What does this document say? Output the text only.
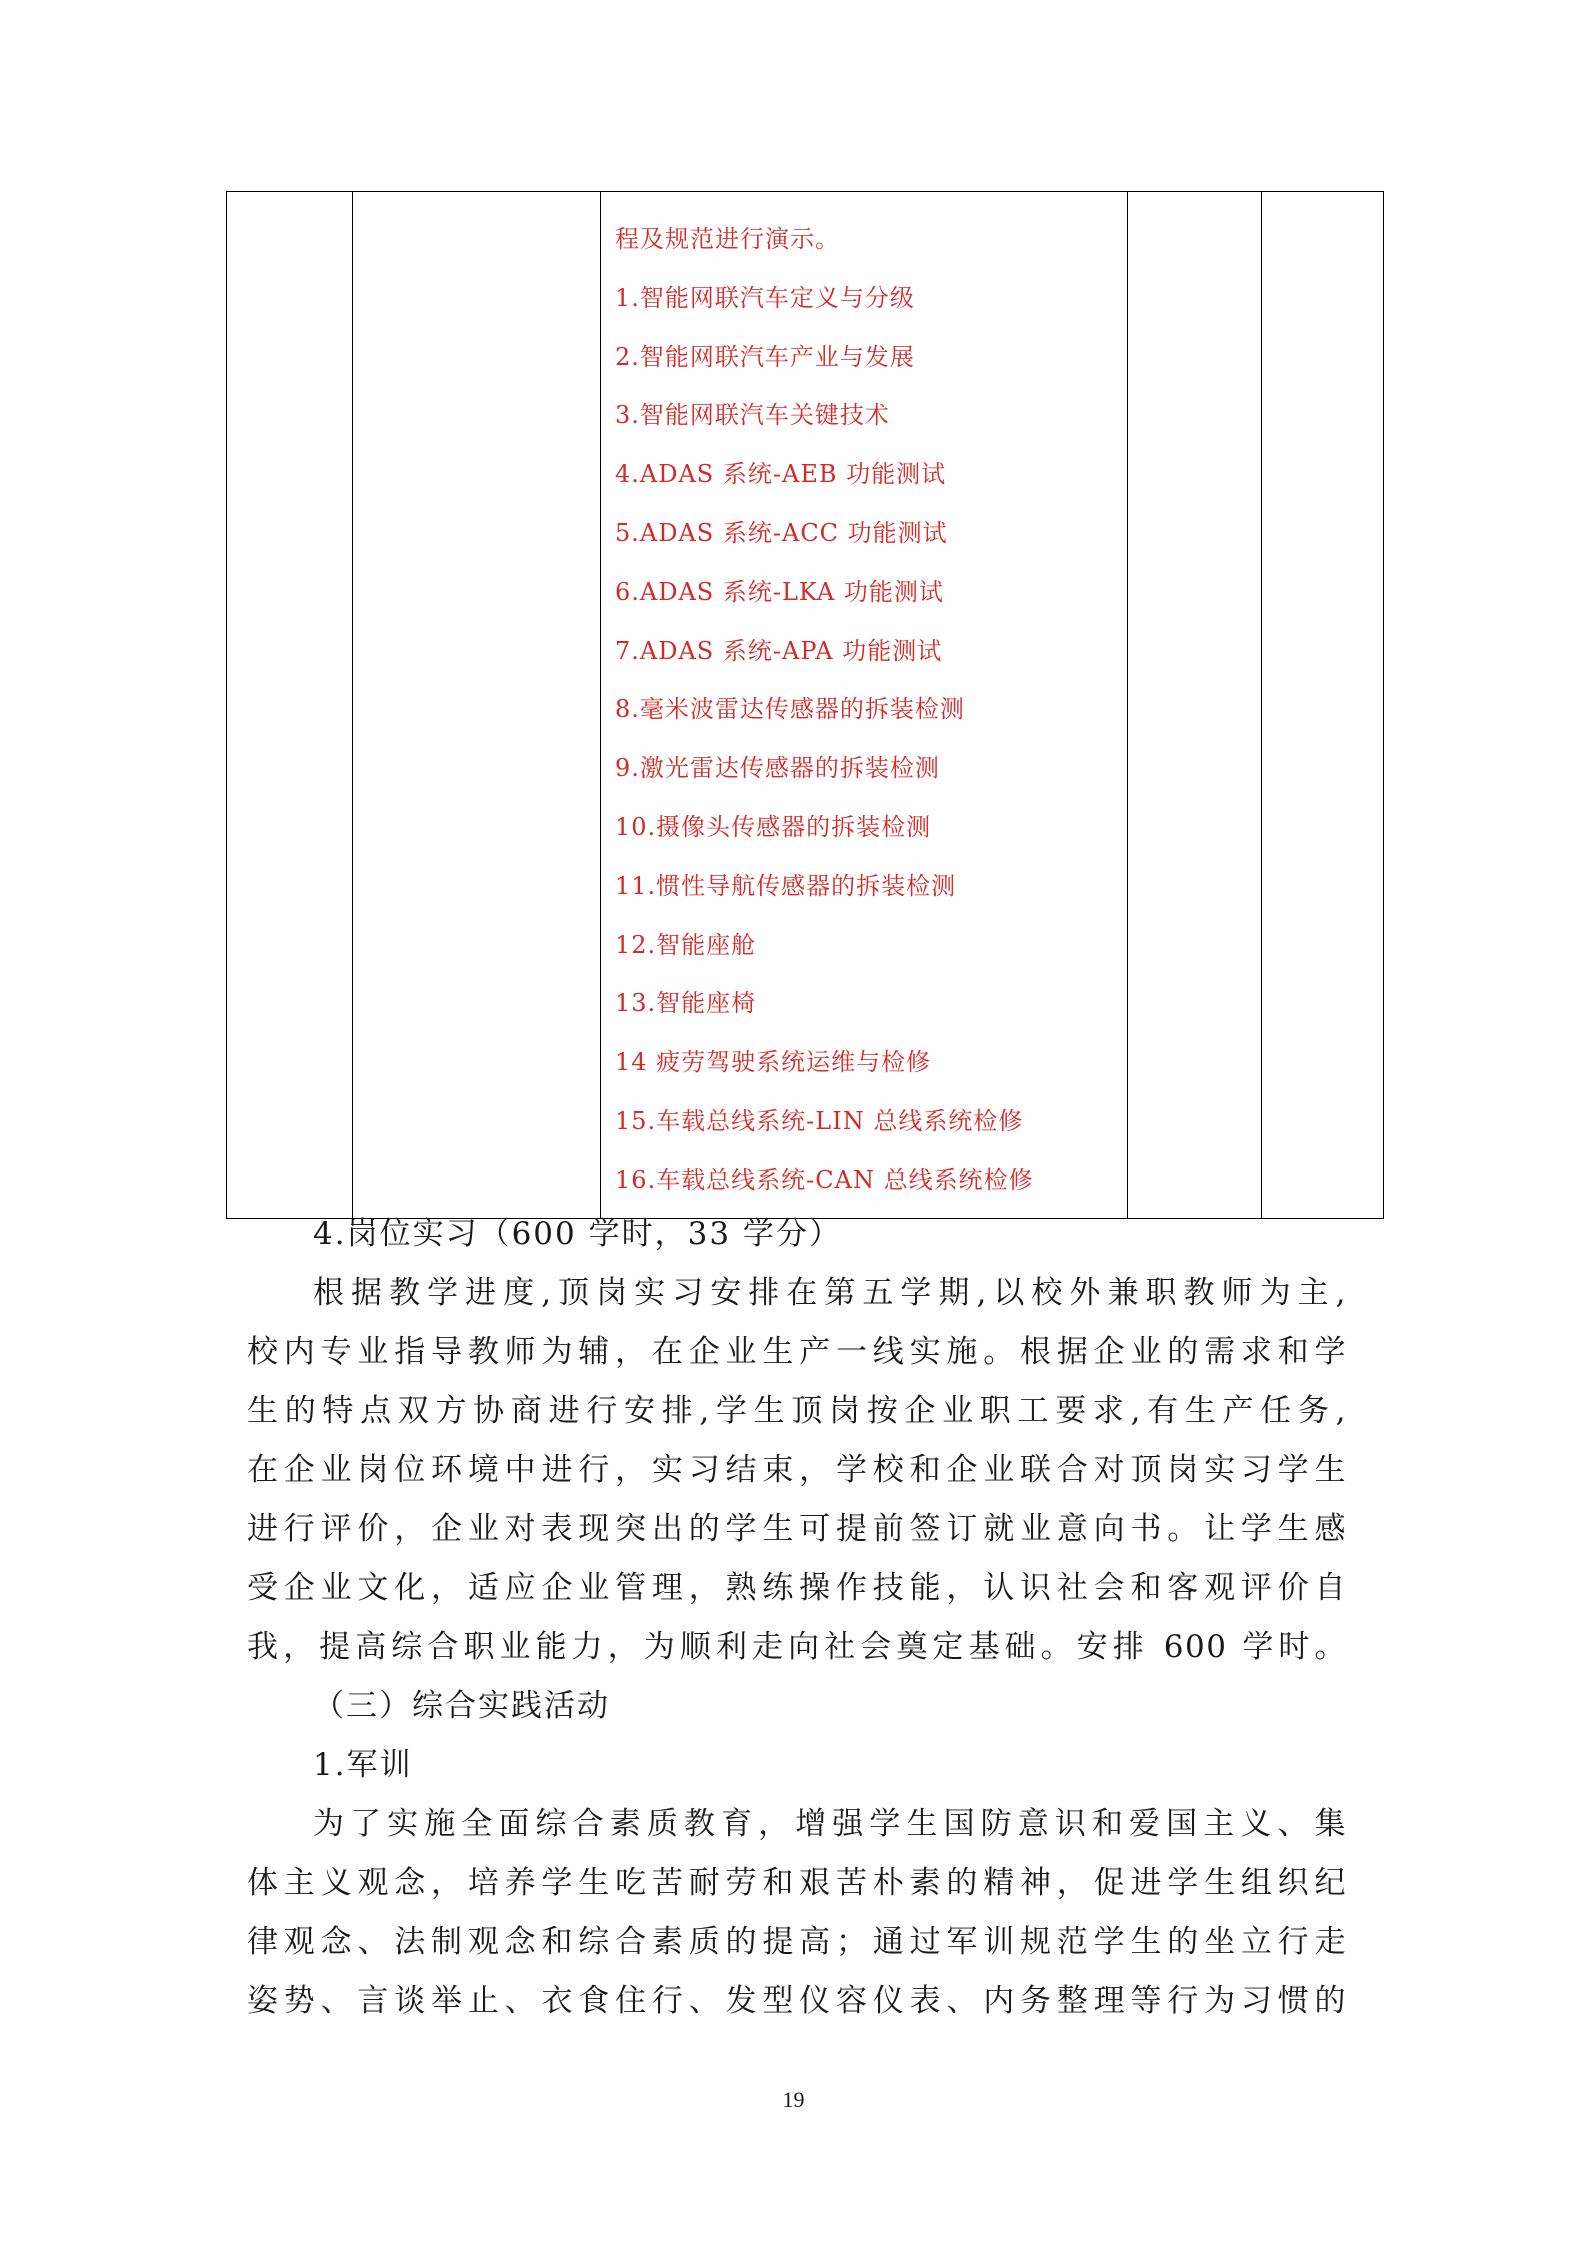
程及规范进行演示。
1.智能网联汽车定义与分级
2.智能网联汽车产业与发展
3.智能网联汽车关键技术
4.ADAS 系统-AEB 功能测试
5.ADAS 系统-ACC 功能测试
6.ADAS 系统-LKA 功能测试
7.ADAS 系统-APA 功能测试
8.毫米波雷达传感器的拆装检测
9.激光雷达传感器的拆装检测
10.摄像头传感器的拆装检测
11.惯性导航传感器的拆装检测
12.智能座舱
13.智能座椅
14 疲劳驾驶系统运维与检修
15.车载总线系统-LIN 总线系统检修
16.车载总线系统-CAN 总线系统检修

4.岗位实习（600 学时，33 学分）
根据教学进度,顶岗实习安排在第五学期,以校外兼职教师为主,
校内专业指导教师为辅，在企业生产一线实施。根据企业的需求和学
生的特点双方协商进行安排,学生顶岗按企业职工要求,有生产任务,
在企业岗位环境中进行，实习结束，学校和企业联合对顶岗实习学生
进行评价，企业对表现突出的学生可提前签订就业意向书。让学生感
受企业文化，适应企业管理，熟练操作技能，认识社会和客观评价自
我，提高综合职业能力，为顺利走向社会奠定基础。安排 600 学时。
（三）综合实践活动
1.军训
为了实施全面综合素质教育，增强学生国防意识和爱国主义、集
体主义观念，培养学生吃苦耐劳和艰苦朴素的精神，促进学生组织纪
律观念、法制观念和综合素质的提高；通过军训规范学生的坐立行走
姿势、言谈举止、衣食住行、发型仪容仪表、内务整理等行为习惯的
19
